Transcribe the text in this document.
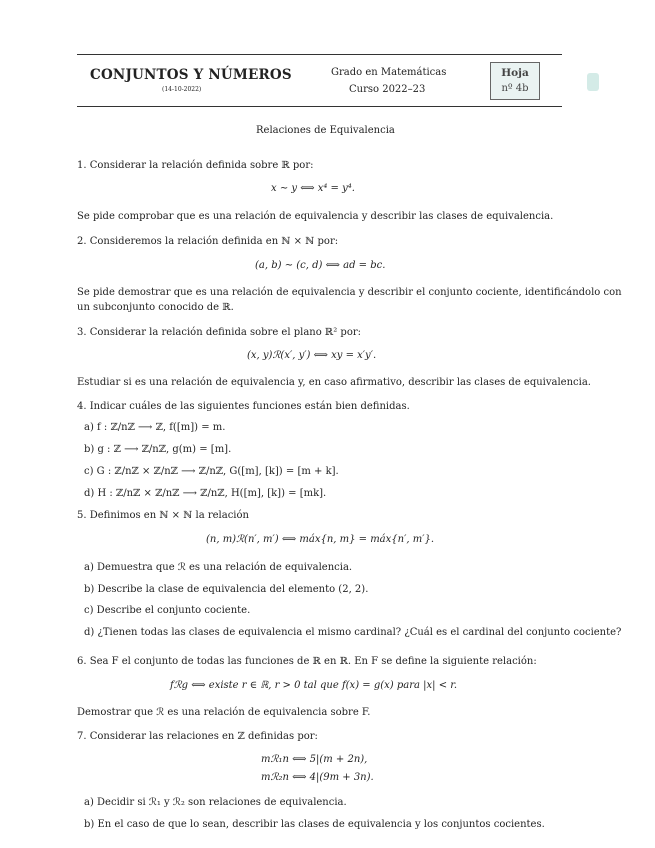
CONJUNTOS Y NÚMEROS
(14-10-2022)
Grado en Matemáticas
Curso 2022–23
Hoja
nº 4b
Relaciones de Equivalencia
1. Considerar la relación definida sobre ℝ por:
x ∼ y ⟺ x⁴ = y⁴.
Se pide comprobar que es una relación de equivalencia y describir las clases de equivalencia.
2. Consideremos la relación definida en ℕ × ℕ por:
(a, b) ∼ (c, d) ⟺ ad = bc.
Se pide demostrar que es una relación de equivalencia y describir el conjunto cociente, identificándolo con
un subconjunto conocido de ℝ.
3. Considerar la relación definida sobre el plano ℝ² por:
(x, y)ℛ(x′, y′) ⟺ xy = x′y′.
Estudiar si es una relación de equivalencia y, en caso afirmativo, describir las clases de equivalencia.
4. Indicar cuáles de las siguientes funciones están bien definidas.
a) f : ℤ/nℤ ⟶ ℤ, f([m]) = m.
b) g : ℤ ⟶ ℤ/nℤ, g(m) = [m].
c) G : ℤ/nℤ × ℤ/nℤ ⟶ ℤ/nℤ, G([m], [k]) = [m + k].
d) H : ℤ/nℤ × ℤ/nℤ ⟶ ℤ/nℤ, H([m], [k]) = [mk].
5. Definimos en ℕ × ℕ la relación
(n, m)ℛ(n′, m′) ⟺ máx{n, m} = máx{n′, m′}.
a) Demuestra que ℛ es una relación de equivalencia.
b) Describe la clase de equivalencia del elemento (2, 2).
c) Describe el conjunto cociente.
d) ¿Tienen todas las clases de equivalencia el mismo cardinal? ¿Cuál es el cardinal del conjunto cociente?
6. Sea F el conjunto de todas las funciones de ℝ en ℝ. En F se define la siguiente relación:
fℛg ⟺ existe r ∈ ℝ, r > 0 tal que f(x) = g(x) para |x| < r.
Demostrar que ℛ es una relación de equivalencia sobre F.
7. Considerar las relaciones en ℤ definidas por:
mℛ₁n ⟺ 5|(m + 2n),
mℛ₂n ⟺ 4|(9m + 3n).
a) Decidir si ℛ₁ y ℛ₂ son relaciones de equivalencia.
b) En el caso de que lo sean, describir las clases de equivalencia y los conjuntos cocientes.
